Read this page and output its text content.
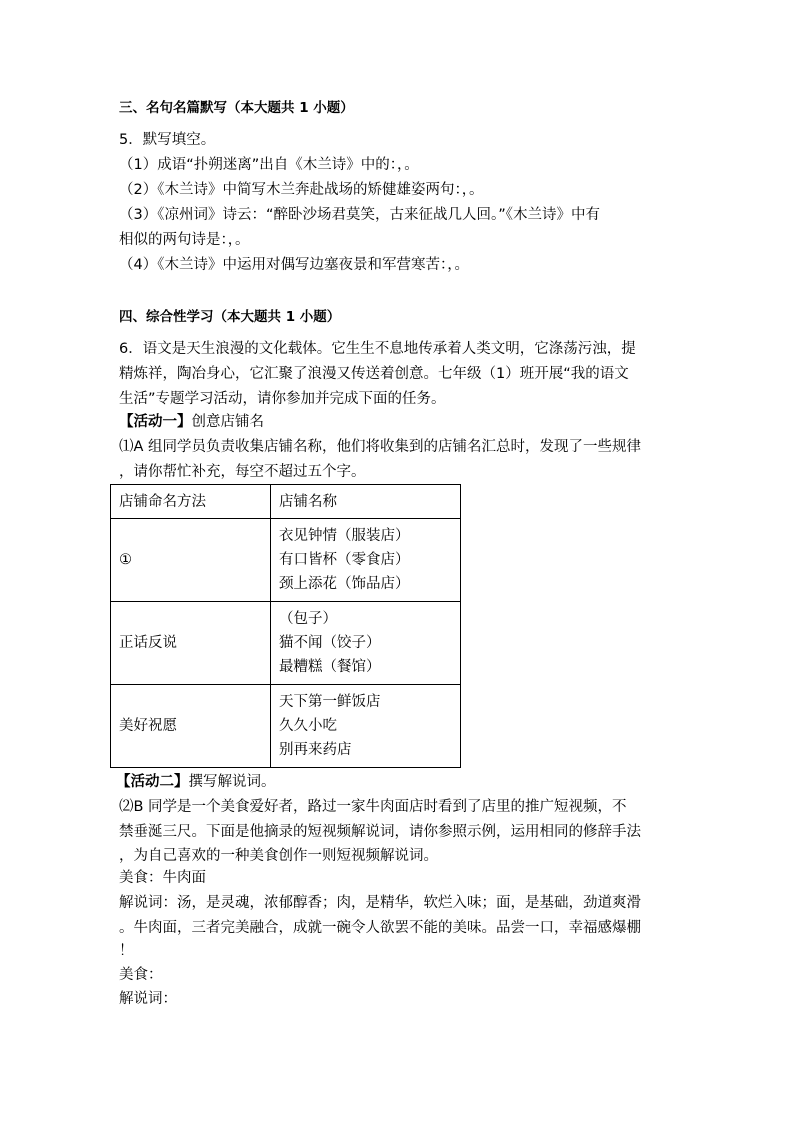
三、名句名篇默写（本大题共 1 小题）
5．默写填空。
（1）成语“扑朔迷离”出自《木兰诗》中的：，。
（2）《木兰诗》中简写木兰奔赴战场的矫健雄姿两句：，。
（3）《凉州词》诗云：“醉卧沙场君莫笑，古来征战几人回。”《木兰诗》中有
相似的两句诗是：，。
（4）《木兰诗》中运用对偶写边塞夜景和军营寒苦：，。
四、综合性学习（本大题共 1 小题）
6．语文是天生浪漫的文化载体。它生生不息地传承着人类文明，它涤荡污浊，提
精炼祥，陶冶身心，它汇聚了浪漫又传送着创意。七年级（1）班开展“我的语文
生活”专题学习活动，请你参加并完成下面的任务。
【活动一】创意店铺名
⑴A 组同学员负责收集店铺名称，他们将收集到的店铺名汇总时，发现了一些规律
，请你帮忙补充，每空不超过五个字。
店铺命名方法	店铺名称
①	衣见钟情（服装店）
有口皆杯（零食店）
颈上添花（饰品店）

正话反说	（包子）
猫不闻（饺子）
最糟糕（餐馆）

美好祝愿	天下第一鲜饭店
久久小吃
别再来药店
【活动二】撰写解说词。
⑵B 同学是一个美食爱好者，路过一家牛肉面店时看到了店里的推广短视频，不
禁垂涎三尺。下面是他摘录的短视频解说词，请你参照示例，运用相同的修辞手法
，为自己喜欢的一种美食创作一则短视频解说词。
美食：牛肉面
解说词：汤，是灵魂，浓郁醇香；肉，是精华，软烂入味；面，是基础，劲道爽滑
。牛肉面，三者完美融合，成就一碗令人欲罢不能的美味。品尝一口，幸福感爆棚
！
美食：
解说词：
